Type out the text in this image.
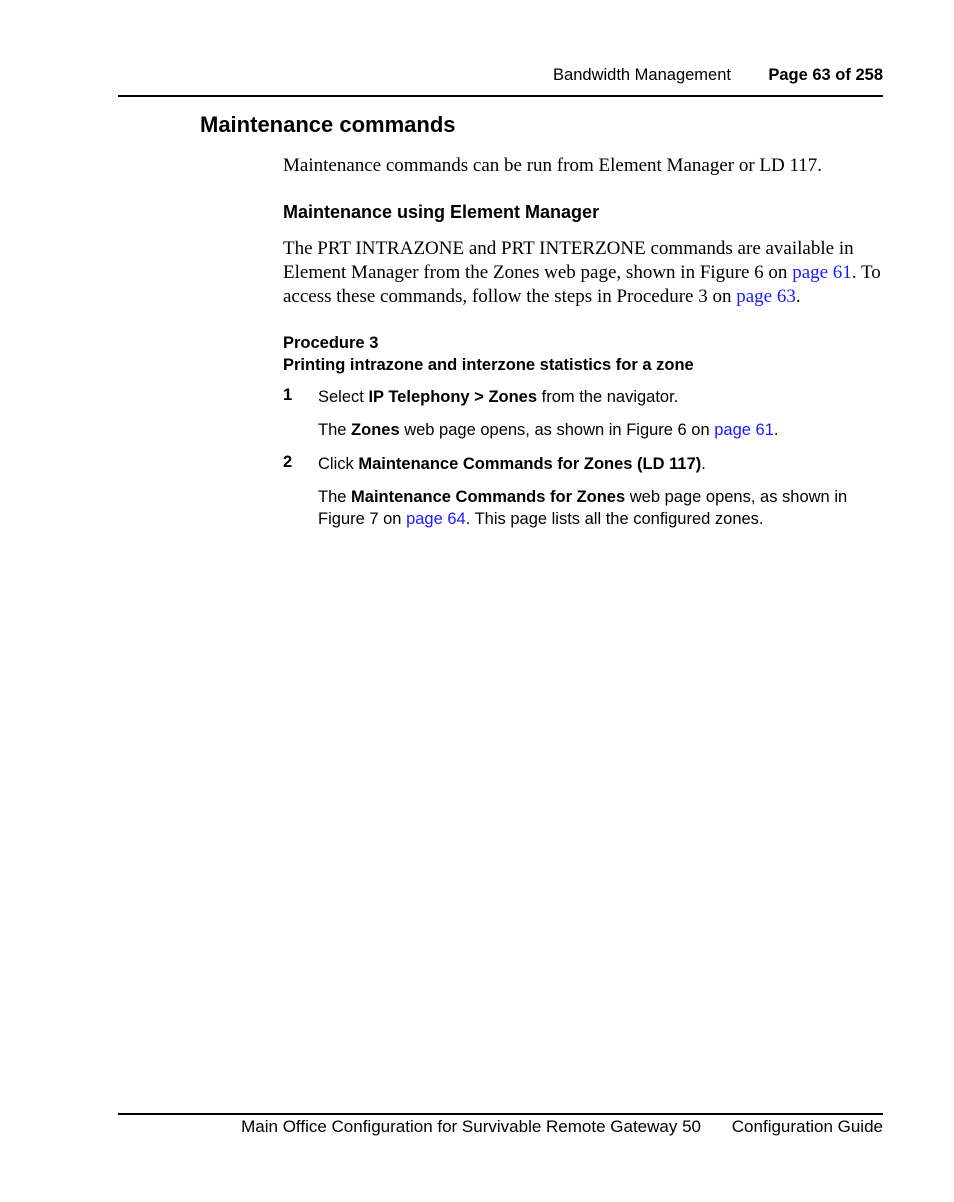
Bandwidth Management Page 63 of 258
Maintenance commands

Maintenance commands can be run from Element Manager or LD 117.

Maintenance using Element Manager

The PRT INTRAZONE and PRT INTERZONE commands are available in Element Manager from the Zones web page, shown in Figure 6 on page 61. To access these commands, follow the steps in Procedure 3 on page 63.

Procedure 3
Printing intrazone and interzone statistics for a zone
1 Select IP Telephony > Zones from the navigator.
The Zones web page opens, as shown in Figure 6 on page 61.
2 Click Maintenance Commands for Zones (LD 117).
The Maintenance Commands for Zones web page opens, as shown in Figure 7 on page 64. This page lists all the configured zones.
Main Office Configuration for Survivable Remote Gateway 50 Configuration Guide
